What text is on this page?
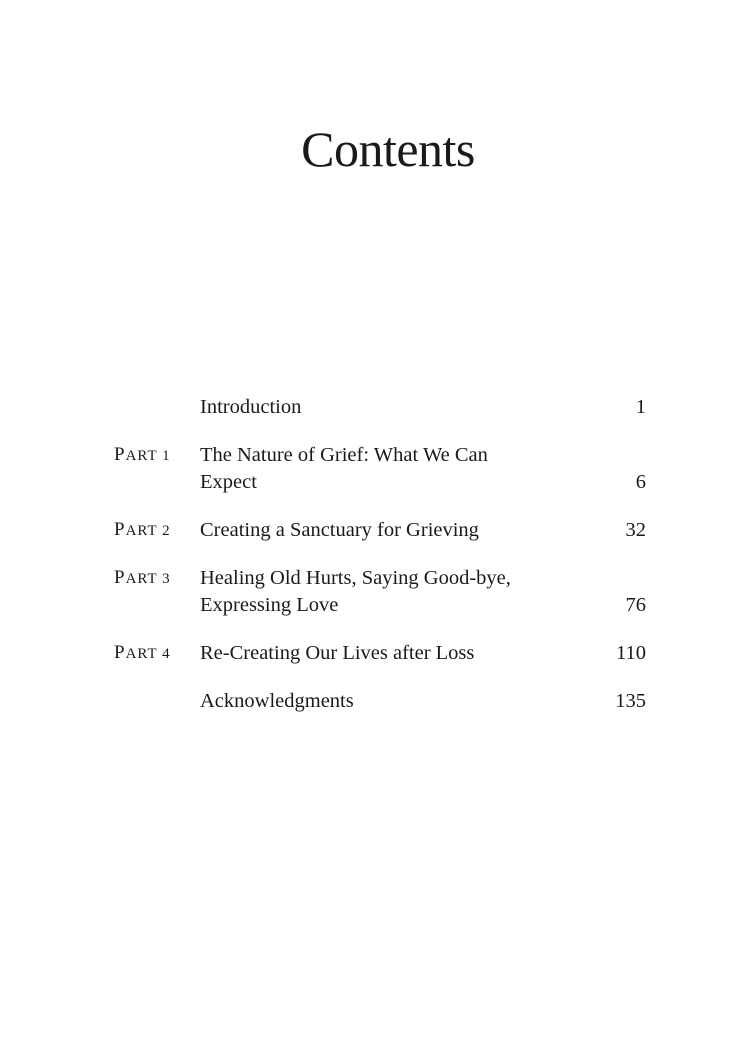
Contents
Introduction	1
PART 1	The Nature of Grief: What We Can Expect	6
PART 2	Creating a Sanctuary for Grieving	32
PART 3	Healing Old Hurts, Saying Good-bye, Expressing Love	76
PART 4	Re-Creating Our Lives after Loss	110
Acknowledgments	135
